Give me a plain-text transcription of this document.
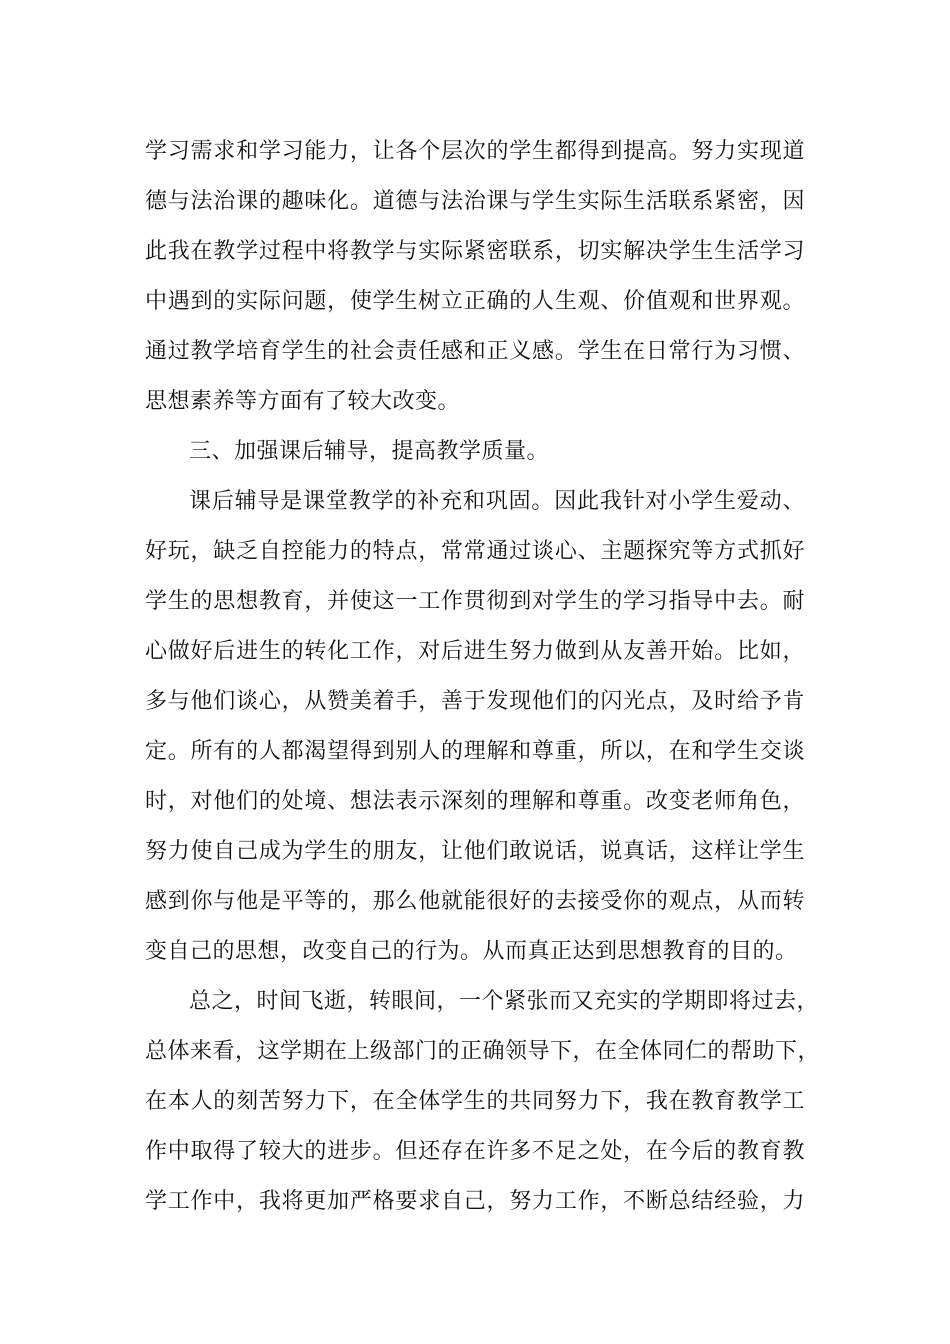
学习需求和学习能力，让各个层次的学生都得到提高。努力实现道
德与法治课的趣味化。道德与法治课与学生实际生活联系紧密，因
此我在教学过程中将教学与实际紧密联系，切实解决学生生活学习
中遇到的实际问题，使学生树立正确的人生观、价值观和世界观。
通过教学培育学生的社会责任感和正义感。学生在日常行为习惯、
思想素养等方面有了较大改变。
三、加强课后辅导，提高教学质量。
课后辅导是课堂教学的补充和巩固。因此我针对小学生爱动、
好玩，缺乏自控能力的特点，常常通过谈心、主题探究等方式抓好
学生的思想教育，并使这一工作贯彻到对学生的学习指导中去。耐
心做好后进生的转化工作，对后进生努力做到从友善开始。比如，
多与他们谈心，从赞美着手，善于发现他们的闪光点，及时给予肯
定。所有的人都渴望得到别人的理解和尊重，所以，在和学生交谈
时，对他们的处境、想法表示深刻的理解和尊重。改变老师角色，
努力使自己成为学生的朋友，让他们敢说话，说真话，这样让学生
感到你与他是平等的，那么他就能很好的去接受你的观点，从而转
变自己的思想，改变自己的行为。从而真正达到思想教育的目的。
总之，时间飞逝，转眼间，一个紧张而又充实的学期即将过去，
总体来看，这学期在上级部门的正确领导下，在全体同仁的帮助下，
在本人的刻苦努力下，在全体学生的共同努力下，我在教育教学工
作中取得了较大的进步。但还存在许多不足之处，在今后的教育教
学工作中，我将更加严格要求自己，努力工作，不断总结经验，力
